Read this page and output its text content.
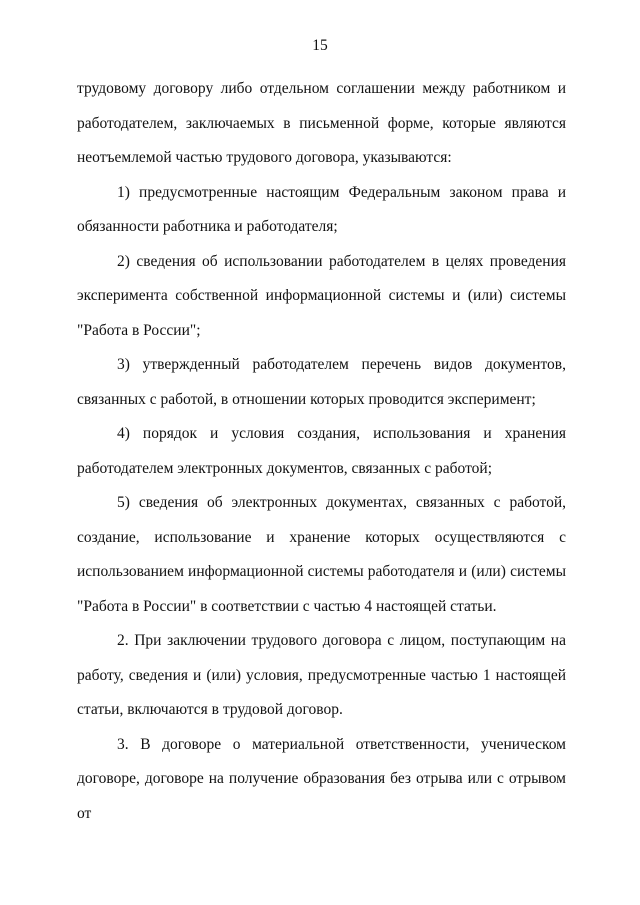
15

трудовому договору либо отдельном соглашении между работником и работодателем, заключаемых в письменной форме, которые являются неотъемлемой частью трудового договора, указываются:

1) предусмотренные настоящим Федеральным законом права и обязанности работника и работодателя;

2) сведения об использовании работодателем в целях проведения эксперимента собственной информационной системы и (или) системы "Работа в России";

3) утвержденный работодателем перечень видов документов, связанных с работой, в отношении которых проводится эксперимент;

4) порядок и условия создания, использования и хранения работодателем электронных документов, связанных с работой;

5) сведения об электронных документах, связанных с работой, создание, использование и хранение которых осуществляются с использованием информационной системы работодателя и (или) системы "Работа в России" в соответствии с частью 4 настоящей статьи.

2. При заключении трудового договора с лицом, поступающим на работу, сведения и (или) условия, предусмотренные частью 1 настоящей статьи, включаются в трудовой договор.

3. В договоре о материальной ответственности, ученическом договоре, договоре на получение образования без отрыва или с отрывом от
